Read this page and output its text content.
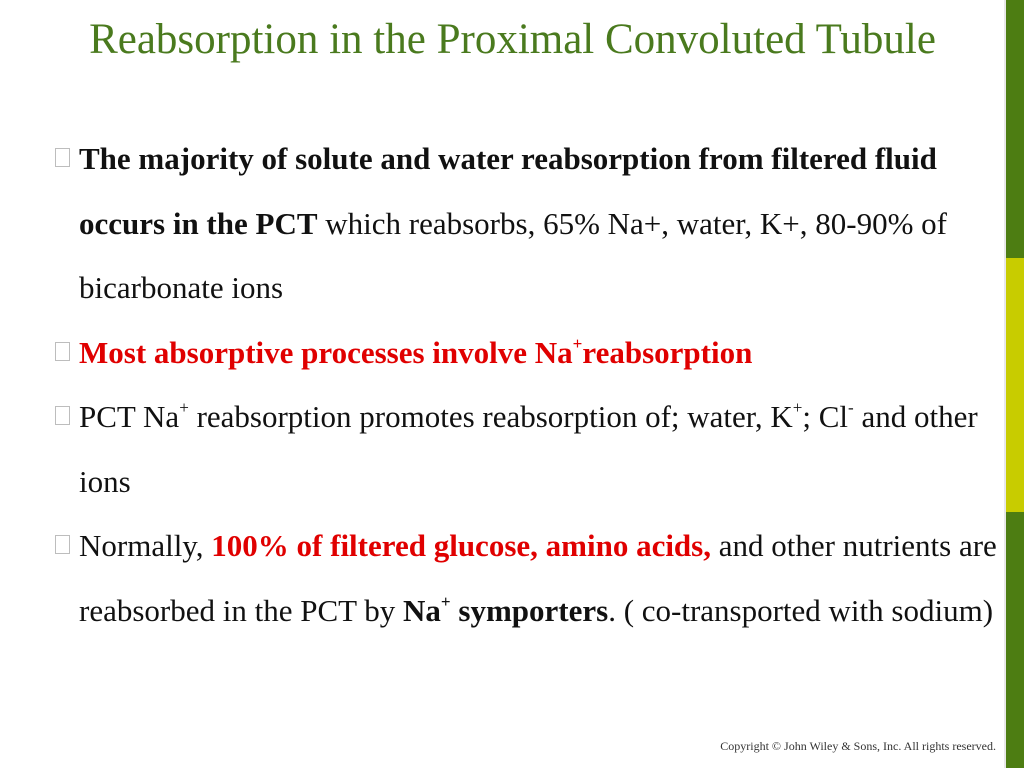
Reabsorption in the Proximal Convoluted Tubule
The majority of solute and water reabsorption from filtered fluid occurs in the PCT which reabsorbs, 65% Na+, water, K+, 80-90% of bicarbonate ions
Most absorptive processes involve Na+reabsorption
PCT Na+ reabsorption promotes reabsorption of; water, K+; Cl- and other ions
Normally, 100% of filtered glucose, amino acids, and other nutrients are reabsorbed in the PCT by Na+ symporters. ( co-transported with sodium)
Copyright © John Wiley & Sons, Inc. All rights reserved.
